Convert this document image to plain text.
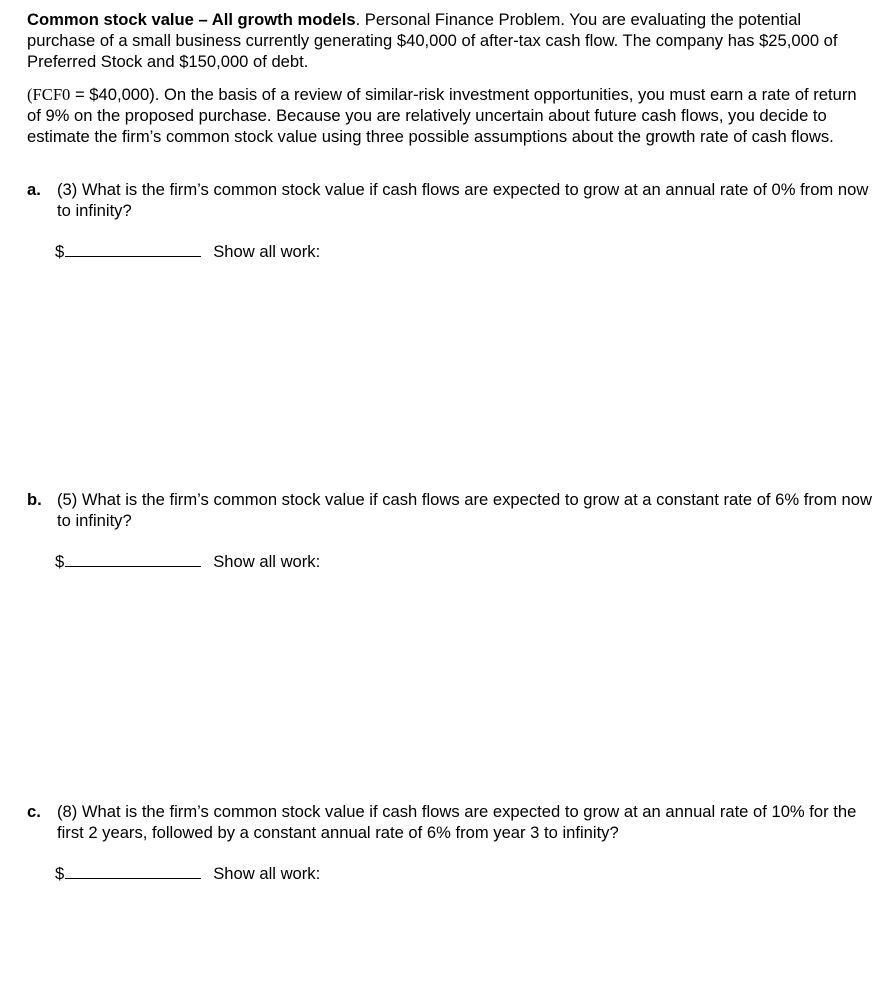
Common stock value – All growth models. Personal Finance Problem. You are evaluating the potential purchase of a small business currently generating $40,000 of after-tax cash flow. The company has $25,000 of Preferred Stock and $150,000 of debt.
(FCF0 = $40,000). On the basis of a review of similar-risk investment opportunities, you must earn a rate of return of 9% on the proposed purchase. Because you are relatively uncertain about future cash flows, you decide to estimate the firm’s common stock value using three possible assumptions about the growth rate of cash flows.
a. (3) What is the firm’s common stock value if cash flows are expected to grow at an annual rate of 0% from now to infinity?
$	Show all work:
b. (5) What is the firm’s common stock value if cash flows are expected to grow at a constant rate of 6% from now to infinity?
$	Show all work:
c. (8) What is the firm’s common stock value if cash flows are expected to grow at an annual rate of 10% for the first 2 years, followed by a constant annual rate of 6% from year 3 to infinity?
$	Show all work:
